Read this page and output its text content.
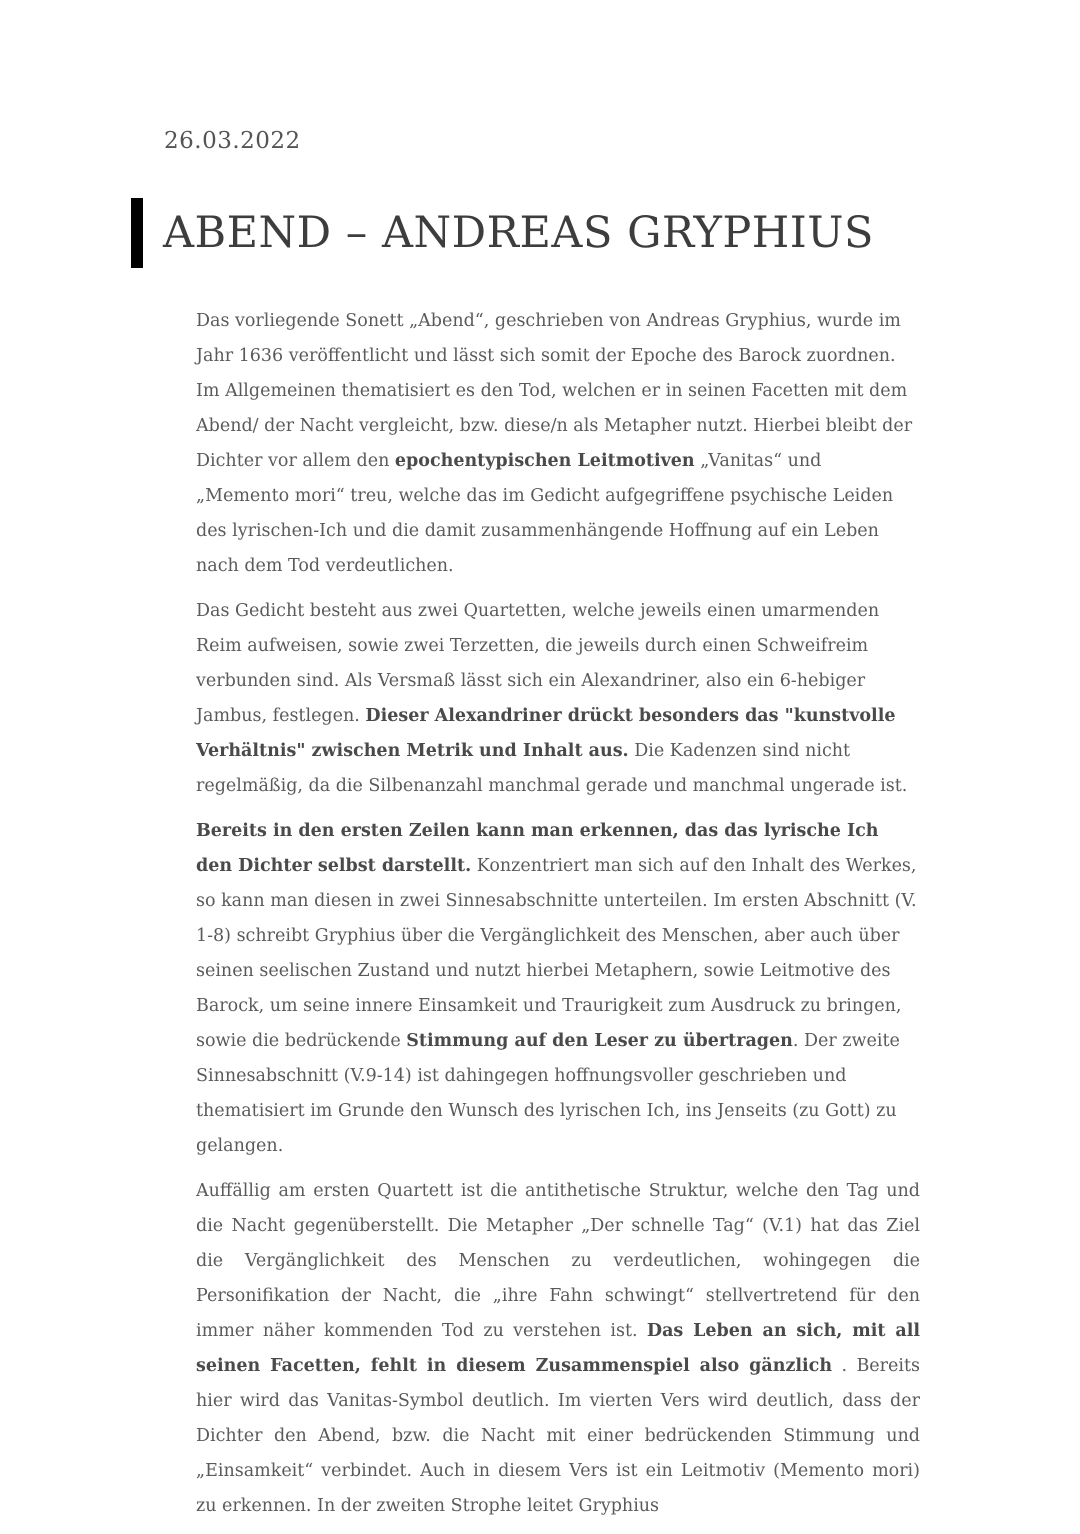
26.03.2022
ABEND – ANDREAS GRYPHIUS

Das vorliegende Sonett „Abend“, geschrieben von Andreas Gryphius, wurde im Jahr 1636 veröffentlicht und lässt sich somit der Epoche des Barock zuordnen. Im Allgemeinen thematisiert es den Tod, welchen er in seinen Facetten mit dem Abend/ der Nacht vergleicht, bzw. diese/n als Metapher nutzt. Hierbei bleibt der Dichter vor allem den epochentypischen Leitmotiven „Vanitas“ und „Memento mori“ treu, welche das im Gedicht aufgegriffene psychische Leiden des lyrischen-Ich und die damit zusammenhängende Hoffnung auf ein Leben nach dem Tod verdeutlichen.

Das Gedicht besteht aus zwei Quartetten, welche jeweils einen umarmenden Reim aufweisen, sowie zwei Terzetten, die jeweils durch einen Schweifreim verbunden sind. Als Versmaß lässt sich ein Alexandriner, also ein 6-hebiger Jambus, festlegen. Dieser Alexandriner drückt besonders das "kunstvolle Verhältnis" zwischen Metrik und Inhalt aus. Die Kadenzen sind nicht regelmäßig, da die Silbenanzahl manchmal gerade und manchmal ungerade ist.

Bereits in den ersten Zeilen kann man erkennen, das das lyrische Ich den Dichter selbst darstellt. Konzentriert man sich auf den Inhalt des Werkes, so kann man diesen in zwei Sinnesabschnitte unterteilen. Im ersten Abschnitt (V. 1-8) schreibt Gryphius über die Vergänglichkeit des Menschen, aber auch über seinen seelischen Zustand und nutzt hierbei Metaphern, sowie Leitmotive des Barock, um seine innere Einsamkeit und Traurigkeit zum Ausdruck zu bringen, sowie die bedrückende Stimmung auf den Leser zu übertragen. Der zweite Sinnesabschnitt (V.9-14) ist dahingegen hoffnungsvoller geschrieben und thematisiert im Grunde den Wunsch des lyrischen Ich, ins Jenseits (zu Gott) zu gelangen.

Auffällig am ersten Quartett ist die antithetische Struktur, welche den Tag und die Nacht gegenüberstellt. Die Metapher „Der schnelle Tag“ (V.1) hat das Ziel die Vergänglichkeit des Menschen zu verdeutlichen, wohingegen die Personifikation der Nacht, die „ihre Fahn schwingt“ stellvertretend für den immer näher kommenden Tod zu verstehen ist. Das Leben an sich, mit all seinen Facetten, fehlt in diesem Zusammenspiel also gänzlich . Bereits hier wird das Vanitas-Symbol deutlich. Im vierten Vers wird deutlich, dass der Dichter den Abend, bzw. die Nacht mit einer bedrückenden Stimmung und „Einsamkeit“ verbindet. Auch in diesem Vers ist ein Leitmotiv (Memento mori) zu erkennen. In der zweiten Strophe leitet Gryphius
